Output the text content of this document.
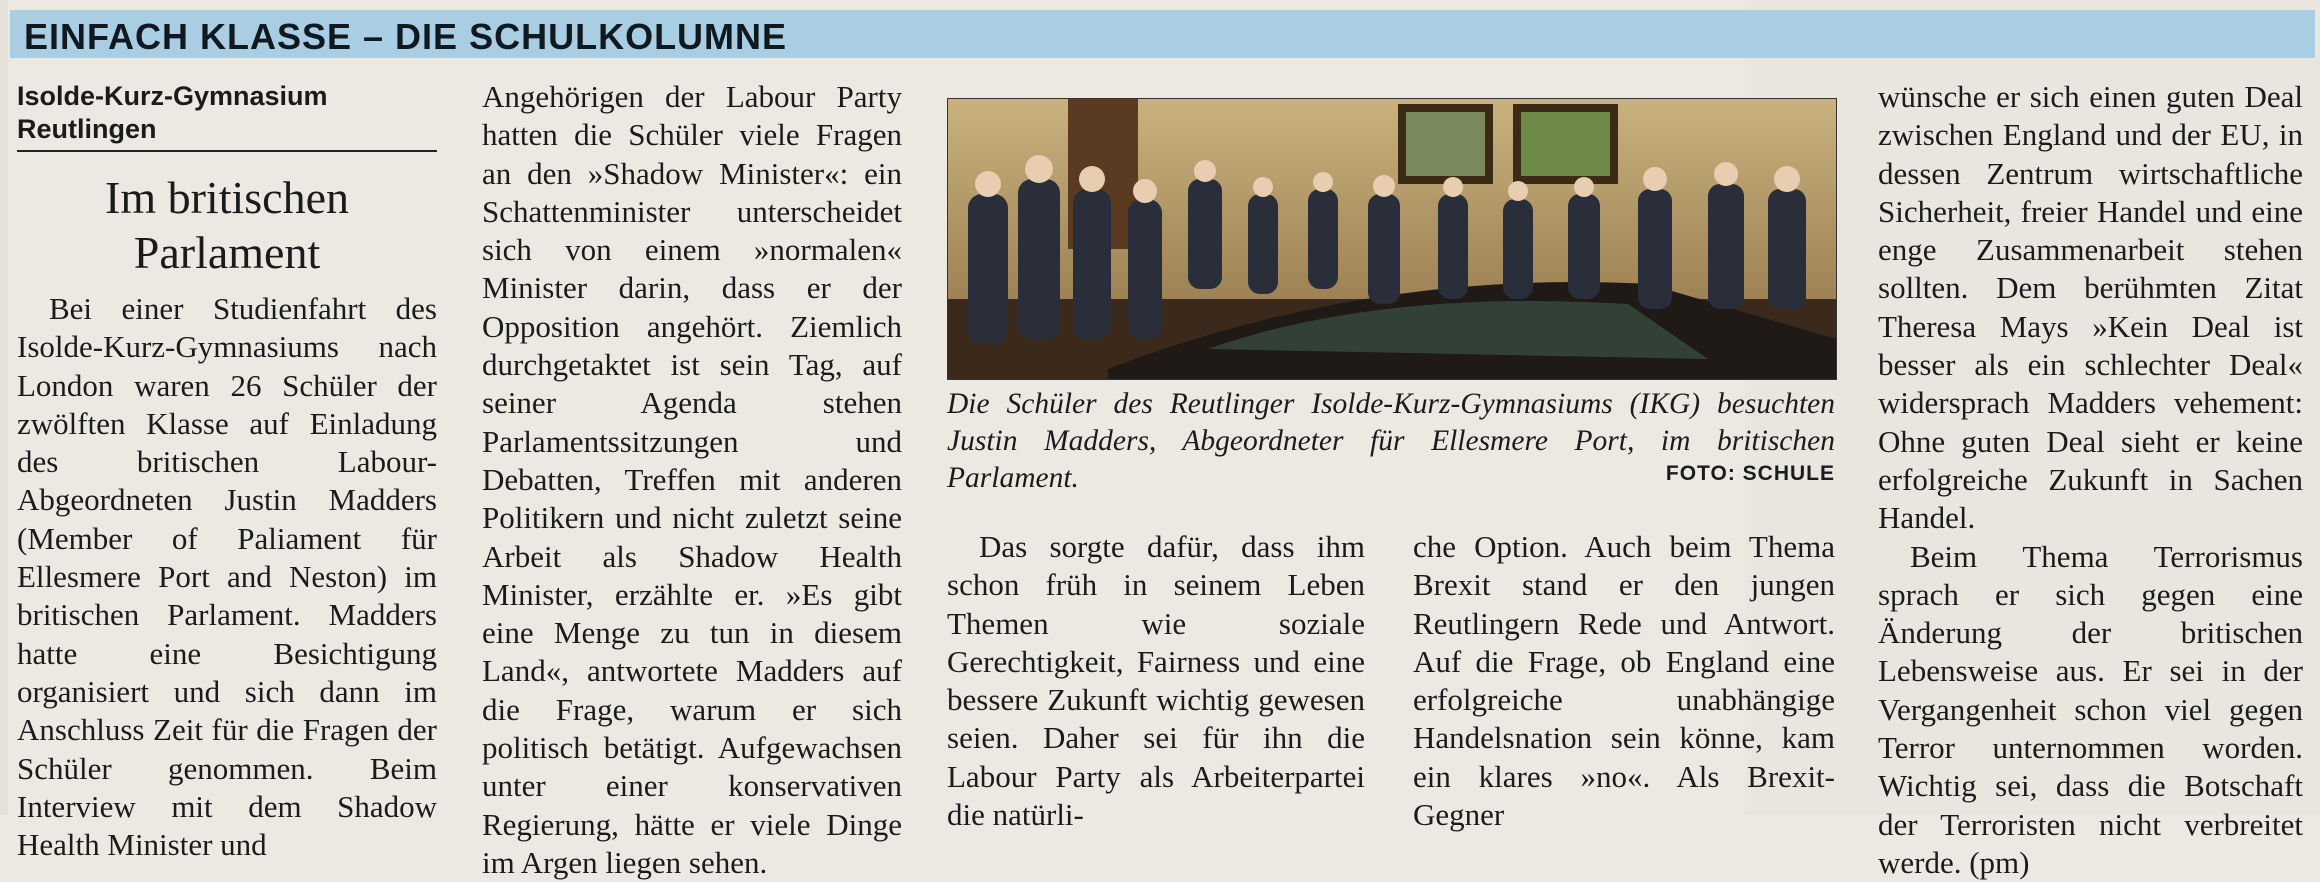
EINFACH KLASSE – DIE SCHULKOLUMNE
Isolde-Kurz-Gymnasium Reutlingen
Im britischen Parlament

Bei einer Studienfahrt des Isolde-Kurz-Gymnasiums nach London waren 26 Schüler der zwölften Klasse auf Einladung des britischen Labour-Abgeordneten Justin Madders (Member of Paliament für Ellesmere Port and Neston) im britischen Parlament. Madders hatte eine Besichtigung organisiert und sich dann im Anschluss Zeit für die Fragen der Schüler genommen. Beim Interview mit dem Shadow Health Minister und

Angehörigen der Labour Party hatten die Schüler viele Fragen an den »Shadow Minister«: ein Schattenminister unterscheidet sich von einem »normalen« Minister darin, dass er der Opposition angehört. Ziemlich durchgetaktet ist sein Tag, auf seiner Agenda stehen Parlamentssitzungen und Debatten, Treffen mit anderen Politikern und nicht zuletzt seine Arbeit als Shadow Health Minister, erzählte er. »Es gibt eine Menge zu tun in diesem Land«, antwortete Madders auf die Frage, warum er sich politisch betätigt. Aufgewachsen unter einer konservativen Regierung, hätte er viele Dinge im Argen liegen sehen.

Die Schüler des Reutlinger Isolde-Kurz-Gymnasiums (IKG) besuchten Justin Madders, Abgeordneter für Ellesmere Port, im britischen Parlament.	FOTO: SCHULE

Das sorgte dafür, dass ihm schon früh in seinem Leben Themen wie soziale Gerechtigkeit, Fairness und eine bessere Zukunft wichtig gewesen seien. Daher sei für ihn die Labour Party als Arbeiterpartei die natürli-

che Option. Auch beim Thema Brexit stand er den jungen Reutlingern Rede und Antwort. Auf die Frage, ob England eine erfolgreiche unabhängige Handelsnation sein könne, kam ein klares »no«. Als Brexit-Gegner

wünsche er sich einen guten Deal zwischen England und der EU, in dessen Zentrum wirtschaftliche Sicherheit, freier Handel und eine enge Zusammenarbeit stehen sollten. Dem berühmten Zitat Theresa Mays »Kein Deal ist besser als ein schlechter Deal« widersprach Madders vehement: Ohne guten Deal sieht er keine erfolgreiche Zukunft in Sachen Handel.

Beim Thema Terrorismus sprach er sich gegen eine Änderung der britischen Lebensweise aus. Er sei in der Vergangenheit schon viel gegen Terror unternommen worden. Wichtig sei, dass die Botschaft der Terroristen nicht verbreitet werde. (pm)
